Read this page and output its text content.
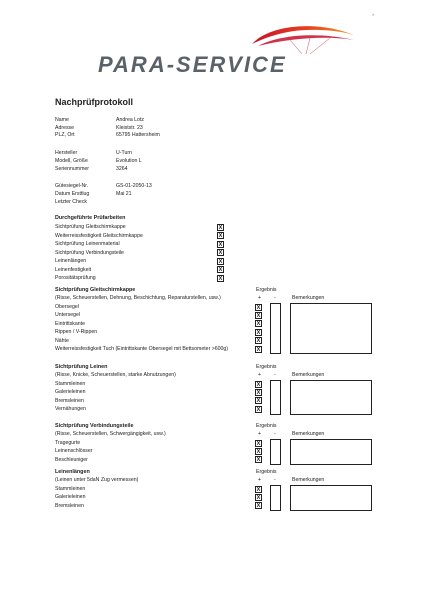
PARA-SERVICE
*
Nachprüfprotokoll
Name	Andrea Lotz
Adresse	Kleiststr. 23
PLZ, Ort	65795 Hattersheim
Hersteller	U-Turn
Modell, Größe	Evolution L
Seriennummer	3264
Gütesiegel-Nr.	GS-01-2050-13
Datum Ersttlug	Mai 21
Letzter Check
Durchgeführte Prüfarbeiten
Sichtprüfung Gleitschirmkappe	X
Weiterreissfestigkeit Gleitschirmkappe	X
Sichtprüfung Leinenmaterial	X
Sichtprüfung Verbindungsteile	X
Leinenlängen	X
Leinenfestigkeit	X
Porositätsprüfung	X
Sichtprüfung Gleitschirmkappe	Ergebnis
(Risse, Scheuerstellen, Dehnung, Beschichtung, Reparaturstellen, usw.)	+ -	Bemerkungen
Obersegel	X
Untersegel	X
Eintrittskante	X
Rippen / V-Rippen	X
Nähte	X
Weiterreissfestigkeit Tuch (Eintrittskante Obersegel mit Bettsometer >600g)	X
Sichtprüfung Leinen	Ergebnis
(Risse, Knicke, Scheuerstellen, starke Abnutzungen)	+ -	Bemerkungen
Stammleinen	X
Galerieleinen	X
Bremsleinen	X
Vernähungen	X
Sichtprüfung Verbindungsteile	Ergebnis
(Risse, Scheuerstellen, Schwergängigkeit, usw.)	+ -	Bemerkungen
Tragegurte	X
Leinenschlösser	X
Beschleuniger	X
Leinenlängen	Ergebnis
(Leinen unter 5daN Zug vermessen)	+ -	Bemerkungen
Stammleinen	X
Galerieleinen	X
Bremsleinen	X
